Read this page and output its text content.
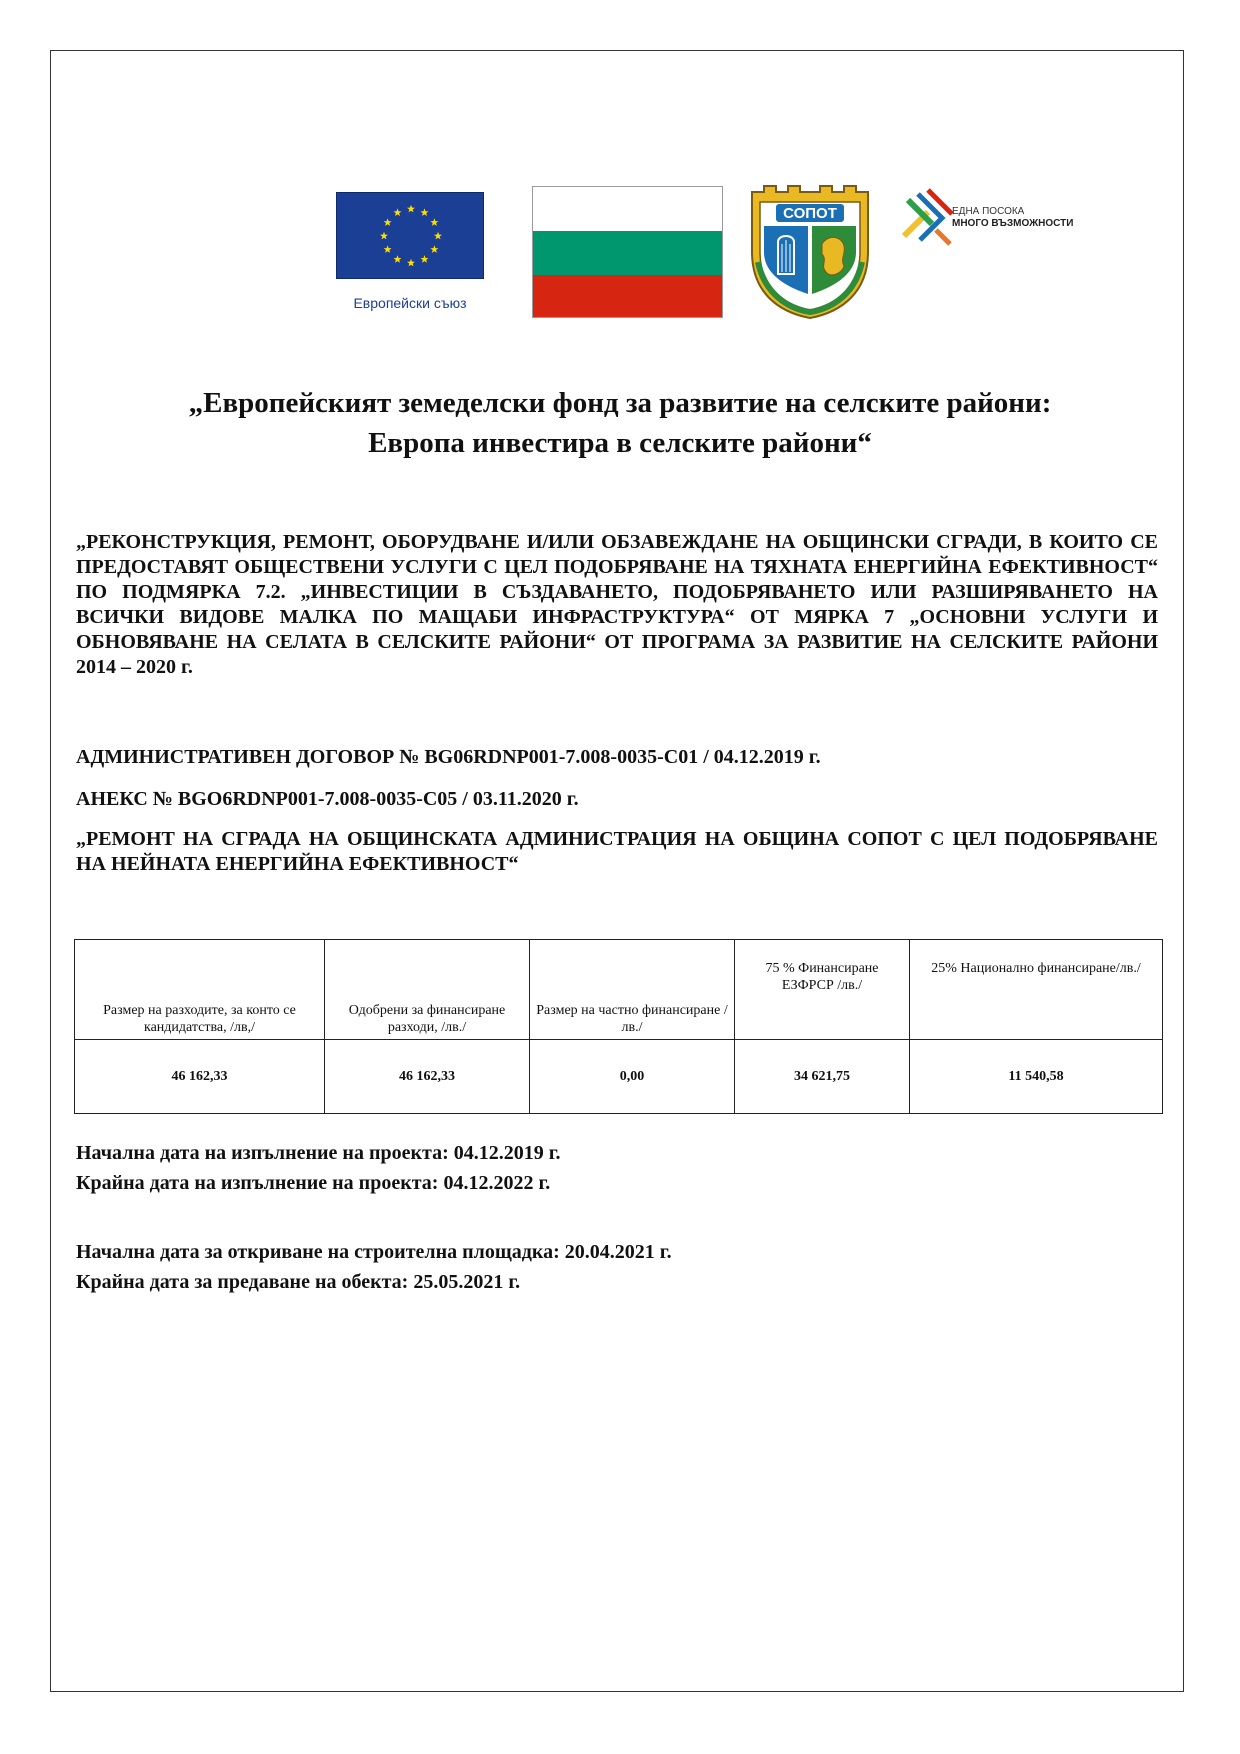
Европейски съюз
СОПОТ	ЕДНА ПОСОКА
МНОГО ВЪЗМОЖНОСТИ
„Европейският земеделски фонд за развитие на селските райони:
Европа инвестира в селските райони“

„РЕКОНСТРУКЦИЯ, РЕМОНТ, ОБОРУДВАНЕ И/ИЛИ ОБЗАВЕЖДАНЕ НА ОБЩИНСКИ СГРАДИ, В КОИТО СЕ ПРЕДОСТАВЯТ ОБЩЕСТВЕНИ УСЛУГИ С ЦЕЛ ПОДОБРЯВАНЕ НА ТЯХНАТА ЕНЕРГИЙНА ЕФЕКТИВНОСТ“ ПО ПОДМЯРКА 7.2. „ИНВЕСТИЦИИ В СЪЗДАВАНЕТО, ПОДОБРЯВАНЕТО ИЛИ РАЗШИРЯВАНЕТО НА ВСИЧКИ ВИДОВЕ МАЛКА ПО МАЩАБИ ИНФРАСТРУКТУРА“ ОТ МЯРКА 7 „ОСНОВНИ УСЛУГИ И ОБНОВЯВАНЕ НА СЕЛАТА В СЕЛСКИТЕ РАЙОНИ“ ОТ ПРОГРАМА ЗА РАЗВИТИЕ НА СЕЛСКИТЕ РАЙОНИ 2014 – 2020 г.

АДМИНИСТРАТИВЕН ДОГОВОР № BG06RDNP001-7.008-0035-С01 / 04.12.2019 г.

АНЕКС № BGO6RDNP001-7.008-0035-С05 / 03.11.2020 г.

„РЕМОНТ НА СГРАДА НА ОБЩИНСКАТА АДМИНИСТРАЦИЯ НА ОБЩИНА СОПОТ С ЦЕЛ ПОДОБРЯВАНЕ НА НЕЙНАТА ЕНЕРГИЙНА ЕФЕКТИВНОСТ“

Размер на разходите, за конто се кандидатства, /лв,/	Одобрени за финансиране разходи, /лв./	Размер на частно финансиране /лв./	75 % Финансиране ЕЗФРСР /лв./	25% Национално финансиране/лв./
46 162,33	46 162,33	0,00	34 621,75	11 540,58
Начална дата на изпълнение на проекта: 04.12.2019 г.
Крайна дата на изпълнение на проекта: 04.12.2022 г.
Начална дата за откриване на строителна площадка: 20.04.2021 г.
Крайна дата за предаване на обекта: 25.05.2021 г.
